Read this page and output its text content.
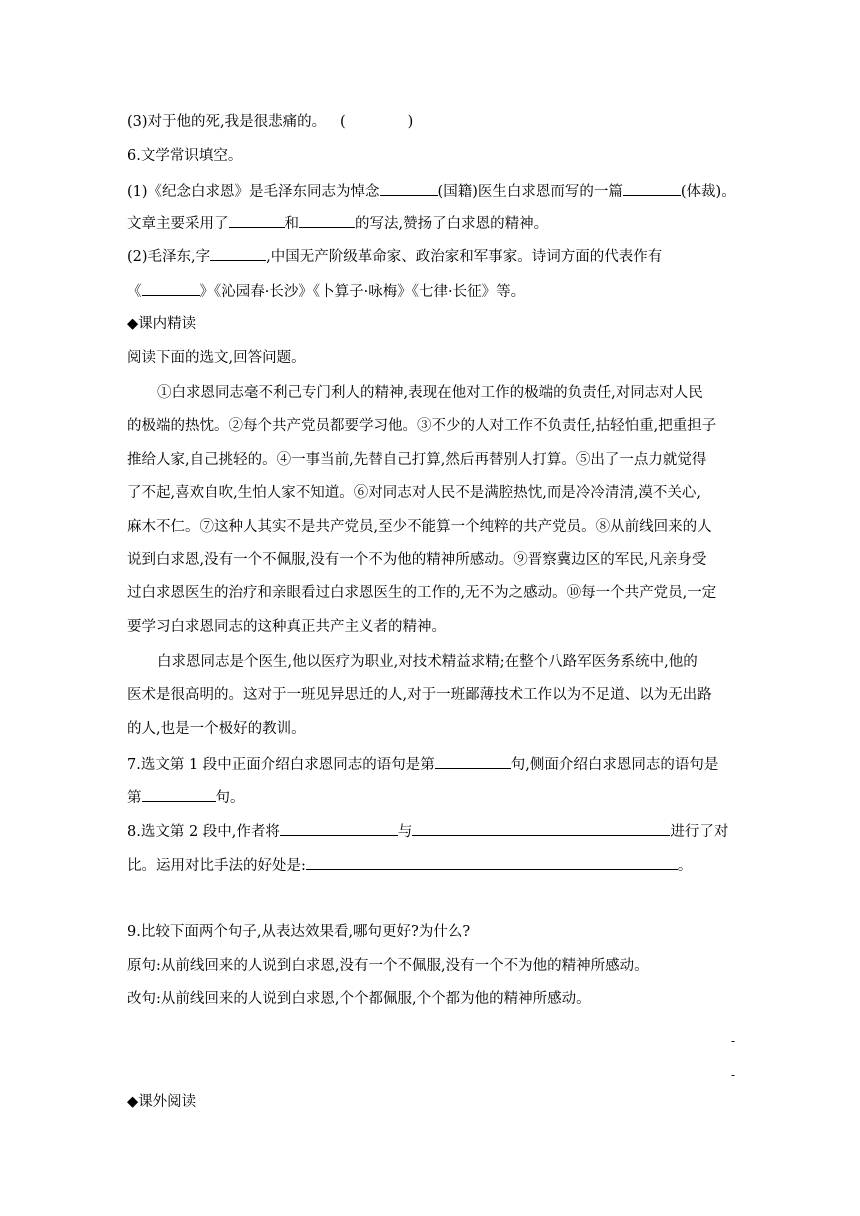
(3)对于他的死,我是很悲痛的。 (	)
6.文学常识填空。
(1)《纪念白求恩》是毛泽东同志为悼念	(国籍)医生白求恩而写的一篇	(体裁)。
文章主要采用了	和	的写法,赞扬了白求恩的精神。
(2)毛泽东,字	,中国无产阶级革命家、政治家和军事家。诗词方面的代表作有
《	》《沁园春·长沙》《卜算子·咏梅》《七律·长征》等。
◆课内精读
阅读下面的选文,回答问题。
①白求恩同志毫不利己专门利人的精神,表现在他对工作的极端的负责任,对同志对人民
的极端的热忱。②每个共产党员都要学习他。③不少的人对工作不负责任,拈轻怕重,把重担子
推给人家,自己挑轻的。④一事当前,先替自己打算,然后再替别人打算。⑤出了一点力就觉得
了不起,喜欢自吹,生怕人家不知道。⑥对同志对人民不是满腔热忱,而是冷冷清清,漠不关心,
麻木不仁。⑦这种人其实不是共产党员,至少不能算一个纯粹的共产党员。⑧从前线回来的人
说到白求恩,没有一个不佩服,没有一个不为他的精神所感动。⑨晋察冀边区的军民,凡亲身受
过白求恩医生的治疗和亲眼看过白求恩医生的工作的,无不为之感动。⑩每一个共产党员,一定
要学习白求恩同志的这种真正共产主义者的精神。
白求恩同志是个医生,他以医疗为职业,对技术精益求精;在整个八路军医务系统中,他的
医术是很高明的。这对于一班见异思迁的人,对于一班鄙薄技术工作以为不足道、以为无出路
的人,也是一个极好的教训。
7.选文第 1 段中正面介绍白求恩同志的语句是第	句,侧面介绍白求恩同志的语句是
第	句。
8.选文第 2 段中,作者将	与	进行了对
比。运用对比手法的好处是:	。
9.比较下面两个句子,从表达效果看,哪句更好?为什么?
原句:从前线回来的人说到白求恩,没有一个不佩服,没有一个不为他的精神所感动。
改句:从前线回来的人说到白求恩,个个都佩服,个个都为他的精神所感动。
-
-
◆课外阅读
